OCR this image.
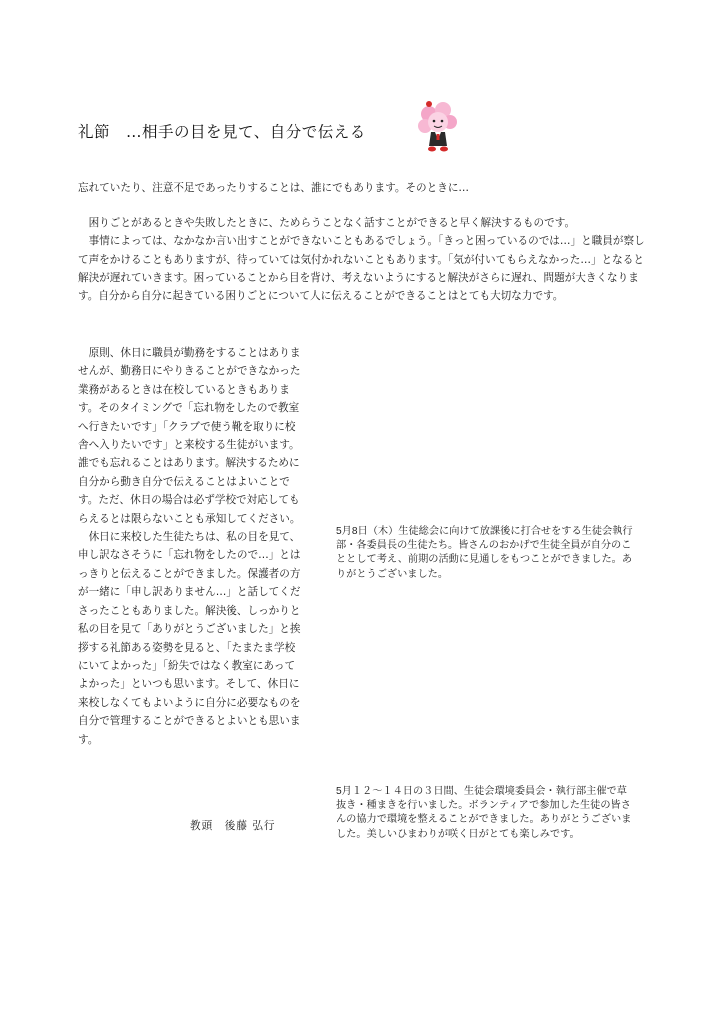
礼節　…相手の目を見て、自分で伝える
忘れていたり、注意不足であったりすることは、誰にでもあります。そのときに…

困りごとがあるときや失敗したときに、ためらうことなく話すことができると早く解決するものです。

事情によっては、なかなか言い出すことができないこともあるでしょう。「きっと困っているのでは…」と職員が察して声をかけることもありますが、待っていては気付かれないこともあります。「気が付いてもらえなかった…」となると解決が遅れていきます。困っていることから目を背け、考えないようにすると解決がさらに遅れ、問題が大きくなります。自分から自分に起きている困りごとについて人に伝えることができることはとても大切な力です。

原則、休日に職員が勤務をすることはありませんが、勤務日にやりきることができなかった業務があるときは在校しているときもあります。そのタイミングで「忘れ物をしたので教室へ行きたいです」「クラブで使う靴を取りに校舎へ入りたいです」と来校する生徒がいます。誰でも忘れることはあります。解決するために自分から動き自分で伝えることはよいことです。ただ、休日の場合は必ず学校で対応してもらえるとは限らないことも承知してください。

休日に来校した生徒たちは、私の目を見て、申し訳なさそうに「忘れ物をしたので…」とはっきりと伝えることができました。保護者の方が一緒に「申し訳ありません…」と話してくださったこともありました。解決後、しっかりと私の目を見て「ありがとうございました」と挨拶する礼節ある姿勢を見ると、「たまたま学校にいてよかった」「紛失ではなく教室にあってよかった」といつも思います。そして、休日に来校しなくてもよいように自分に必要なものを自分で管理することができるとよいとも思います。

教頭　後藤 弘行
5月8日（木）生徒総会に向けて放課後に打合せをする生徒会執行部・各委員長の生徒たち。皆さんのおかげで生徒全員が自分のこととして考え、前期の活動に見通しをもつことができました。ありがとうございました。
5月１２～１４日の３日間、生徒会環境委員会・執行部主催で草抜き・種まきを行いました。ボランティアで参加した生徒の皆さんの協力で環境を整えることができました。ありがとうございました。美しいひまわりが咲く日がとても楽しみです。
